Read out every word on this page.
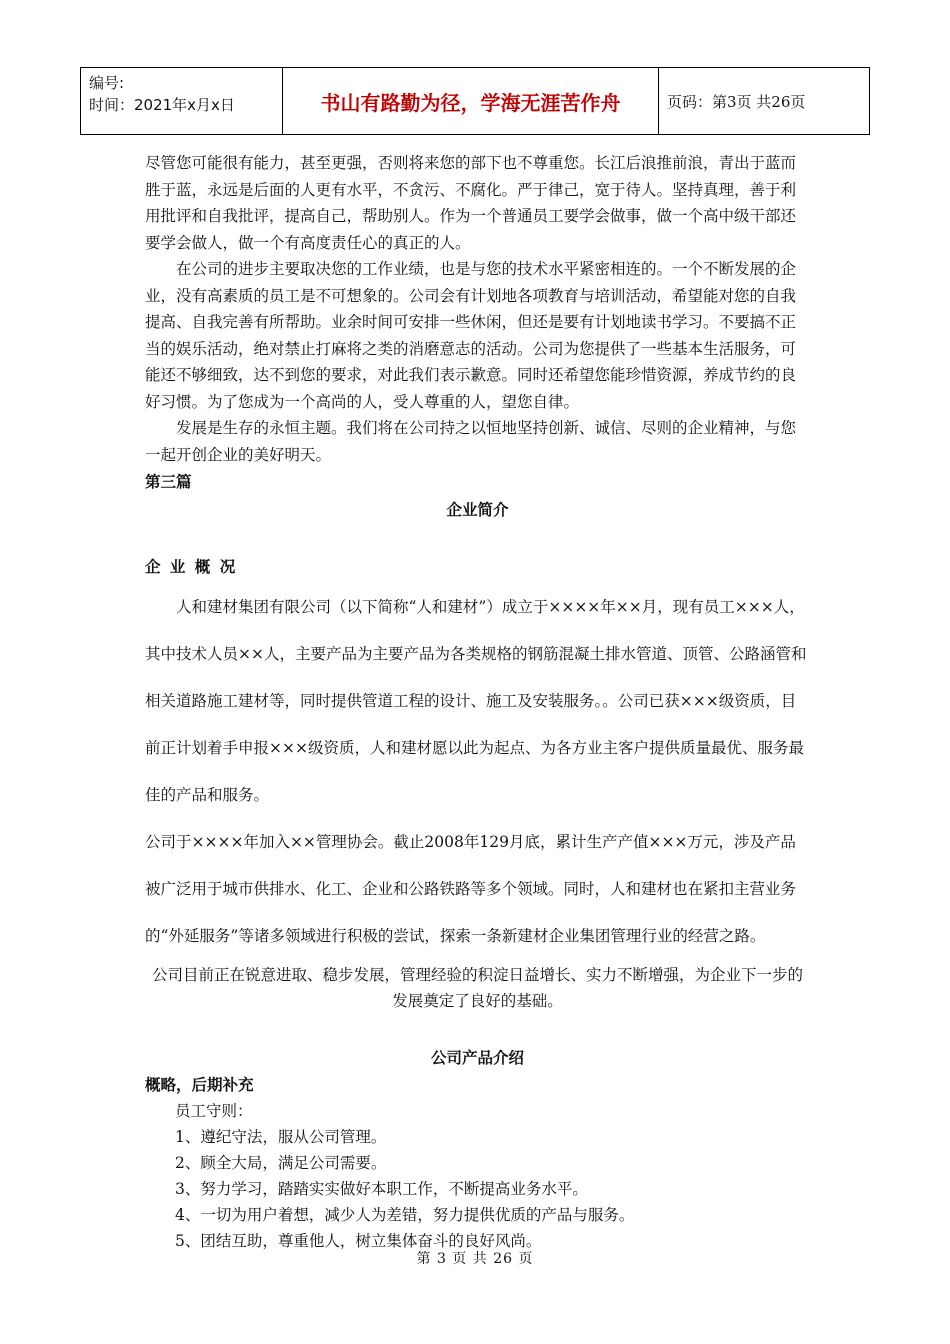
编号:
时间：2021年x月x日	书山有路勤为径，学海无涯苦作舟	页码：第3页 共26页

尽管您可能很有能力，甚至更强，否则将来您的部下也不尊重您。长江后浪推前浪，青出于蓝而胜于蓝，永远是后面的人更有水平，不贪污、不腐化。严于律己，宽于待人。坚持真理，善于利用批评和自我批评，提高自己，帮助别人。作为一个普通员工要学会做事，做一个高中级干部还要学会做人，做一个有高度责任心的真正的人。

在公司的进步主要取决您的工作业绩，也是与您的技术水平紧密相连的。一个不断发展的企业，没有高素质的员工是不可想象的。公司会有计划地各项教育与培训活动，希望能对您的自我提高、自我完善有所帮助。业余时间可安排一些休闲，但还是要有计划地读书学习。不要搞不正当的娱乐活动，绝对禁止打麻将之类的消磨意志的活动。公司为您提供了一些基本生活服务，可能还不够细致，达不到您的要求，对此我们表示歉意。同时还希望您能珍惜资源，养成节约的良好习惯。为了您成为一个高尚的人，受人尊重的人，望您自律。

发展是生存的永恒主题。我们将在公司持之以恒地坚持创新、诚信、尽则的企业精神，与您一起开创企业的美好明天。

第三篇

企业简介

企 业 概 况

人和建材集团有限公司（以下简称“人和建材”）成立于××××年××月，现有员工×××人，其中技术人员××人，主要产品为主要产品为各类规格的钢筋混凝土排水管道、顶管、公路涵管和相关道路施工建材等，同时提供管道工程的设计、施工及安装服务。。公司已获×××级资质，目前正计划着手申报×××级资质，人和建材愿以此为起点、为各方业主客户提供质量最优、服务最佳的产品和服务。

公司于××××年加入××管理协会。截止2008年129月底，累计生产产值×××万元，涉及产品被广泛用于城市供排水、化工、企业和公路铁路等多个领域。同时，人和建材也在紧扣主营业务的“外延服务”等诸多领域进行积极的尝试，探索一条新建材企业集团管理行业的经营之路。

公司目前正在锐意进取、稳步发展，管理经验的积淀日益增长、实力不断增强，为企业下一步的发展奠定了良好的基础。

公司产品介绍

概略，后期补充

员工守则：

1、遵纪守法，服从公司管理。

2、顾全大局，满足公司需要。

3、努力学习，踏踏实实做好本职工作，不断提高业务水平。

4、一切为用户着想，减少人为差错，努力提供优质的产品与服务。

5、团结互助，尊重他人，树立集体奋斗的良好风尚。

第 3 页 共 26 页
